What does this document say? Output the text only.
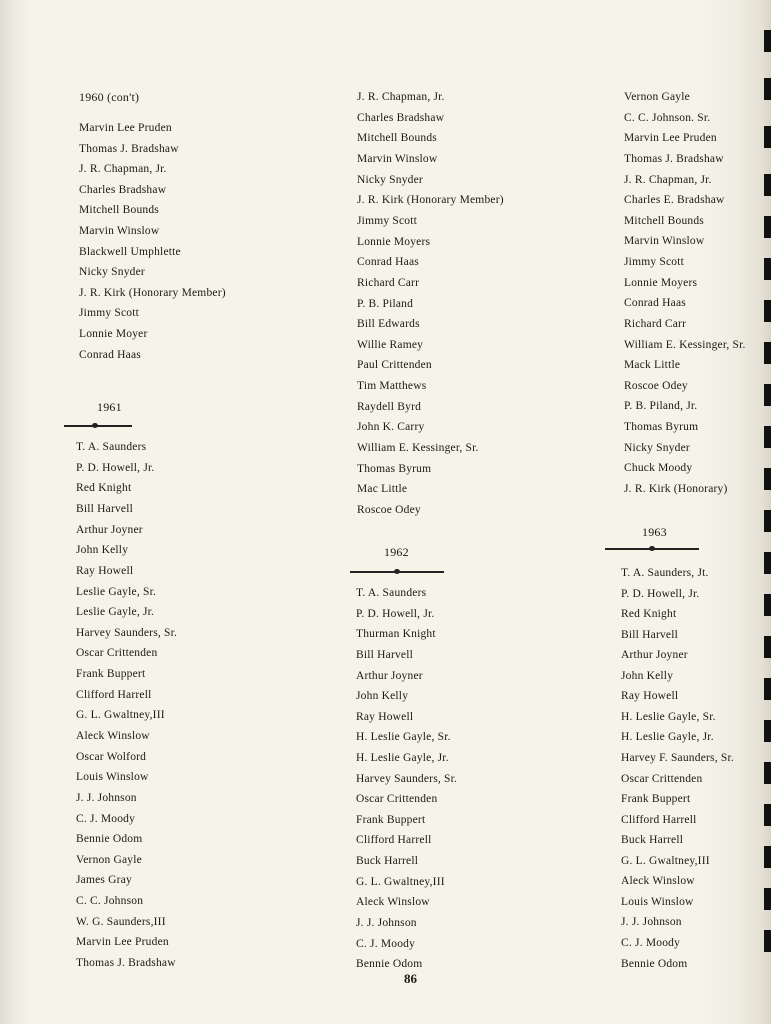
1960 (con't)
Marvin Lee Pruden
Thomas J. Bradshaw
J. R. Chapman, Jr.
Charles Bradshaw
Mitchell Bounds
Marvin Winslow
Blackwell Umphlette
Nicky Snyder
J. R. Kirk (Honorary Member)
Jimmy Scott
Lonnie Moyer
Conrad Haas
1961
T. A. Saunders
P. D. Howell, Jr.
Red Knight
Bill Harvell
Arthur Joyner
John Kelly
Ray Howell
Leslie Gayle, Sr.
Leslie Gayle, Jr.
Harvey Saunders, Sr.
Oscar Crittenden
Frank Buppert
Clifford Harrell
G. L. Gwaltney,III
Aleck Winslow
Oscar Wolford
Louis Winslow
J. J. Johnson
C. J. Moody
Bennie Odom
Vernon Gayle
James Gray
C. C. Johnson
W. G. Saunders,III
Marvin Lee Pruden
Thomas J. Bradshaw
J. R. Chapman, Jr.
Charles Bradshaw
Mitchell Bounds
Marvin Winslow
Nicky Snyder
J. R. Kirk (Honorary Member)
Jimmy Scott
Lonnie Moyers
Conrad Haas
Richard Carr
P. B. Piland
Bill Edwards
Willie Ramey
Paul Crittenden
Tim Matthews
Raydell Byrd
John K. Carry
William E. Kessinger, Sr.
Thomas Byrum
Mac Little
Roscoe Odey
1962
T. A. Saunders
P. D. Howell, Jr.
Thurman Knight
Bill Harvell
Arthur Joyner
John Kelly
Ray Howell
H. Leslie Gayle, Sr.
H. Leslie Gayle, Jr.
Harvey Saunders, Sr.
Oscar Crittenden
Frank Buppert
Clifford Harrell
Buck Harrell
G. L. Gwaltney,III
Aleck Winslow
J. J. Johnson
C. J. Moody
Bennie Odom
Vernon Gayle
C. C. Johnson. Sr.
Marvin Lee Pruden
Thomas J. Bradshaw
J. R. Chapman, Jr.
Charles E. Bradshaw
Mitchell Bounds
Marvin Winslow
Jimmy Scott
Lonnie Moyers
Conrad Haas
Richard Carr
William E. Kessinger, Sr.
Mack Little
Roscoe Odey
P. B. Piland, Jr.
Thomas Byrum
Nicky Snyder
Chuck Moody
J. R. Kirk (Honorary)
1963
T. A. Saunders, Jt.
P. D. Howell, Jr.
Red Knight
Bill Harvell
Arthur Joyner
John Kelly
Ray Howell
H. Leslie Gayle, Sr.
H. Leslie Gayle, Jr.
Harvey F. Saunders, Sr.
Oscar Crittenden
Frank Buppert
Clifford Harrell
Buck Harrell
G. L. Gwaltney,III
Aleck Winslow
Louis Winslow
J. J. Johnson
C. J. Moody
Bennie Odom
86
